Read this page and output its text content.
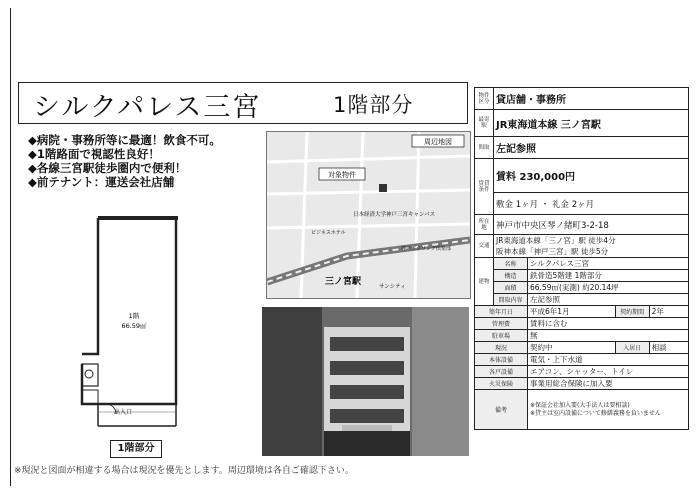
シルクパレス三宮	1階部分
◆病院・事務所等に最適！飲食不可。
◆1階路面で視認性良好！
◆各線三宮駅徒歩圏内で便利！
◆前テナント：運送会社店舗
1階
66.59㎡
出入口
1階部分
周辺地図
対象物件
日本経済大学神戸三宮キャンパス
ビジネスホテル
神戸ボウリング倶楽部
三ノ宮駅	サンシティ
物件区分	貸店舗・事務所			
最寄駅	JR東海道本線 三ノ宮駅			
間取	左記参照			
賃貸条件	賃料 230,000円			
	敷金 1ヶ月 ・ 礼金 2ヶ月			
所在地	神戸市中央区琴ノ緒町3-2-18			
交通	JR東海道本線「三ノ宮」駅 徒歩4分
阪神本線「神戸三宮」駅 徒歩5分			

建物	名称	シルクパレス三宮		
	構造	鉄骨造5階建 1階部分		
	面積	66.59㎡(実測) 約20.14坪		
	間取内容	左記参照		
築年月日		平成6年1月	契約期間	2年
管理費		賃料に含む		
駐車場		無		
現況		契約中	入居日	相談
本体設備		電気・上下水道		
各戸設備		エアコン、シャッター、トイレ		
火災保険		事業用総合保険に加入要		
備考		※保証会社加入要(大手法人は要相談)
※貸主は室内設備について修繕義務を負いません		
※現況と図面が相違する場合は現況を優先とします。周辺環境は各自ご確認下さい。
